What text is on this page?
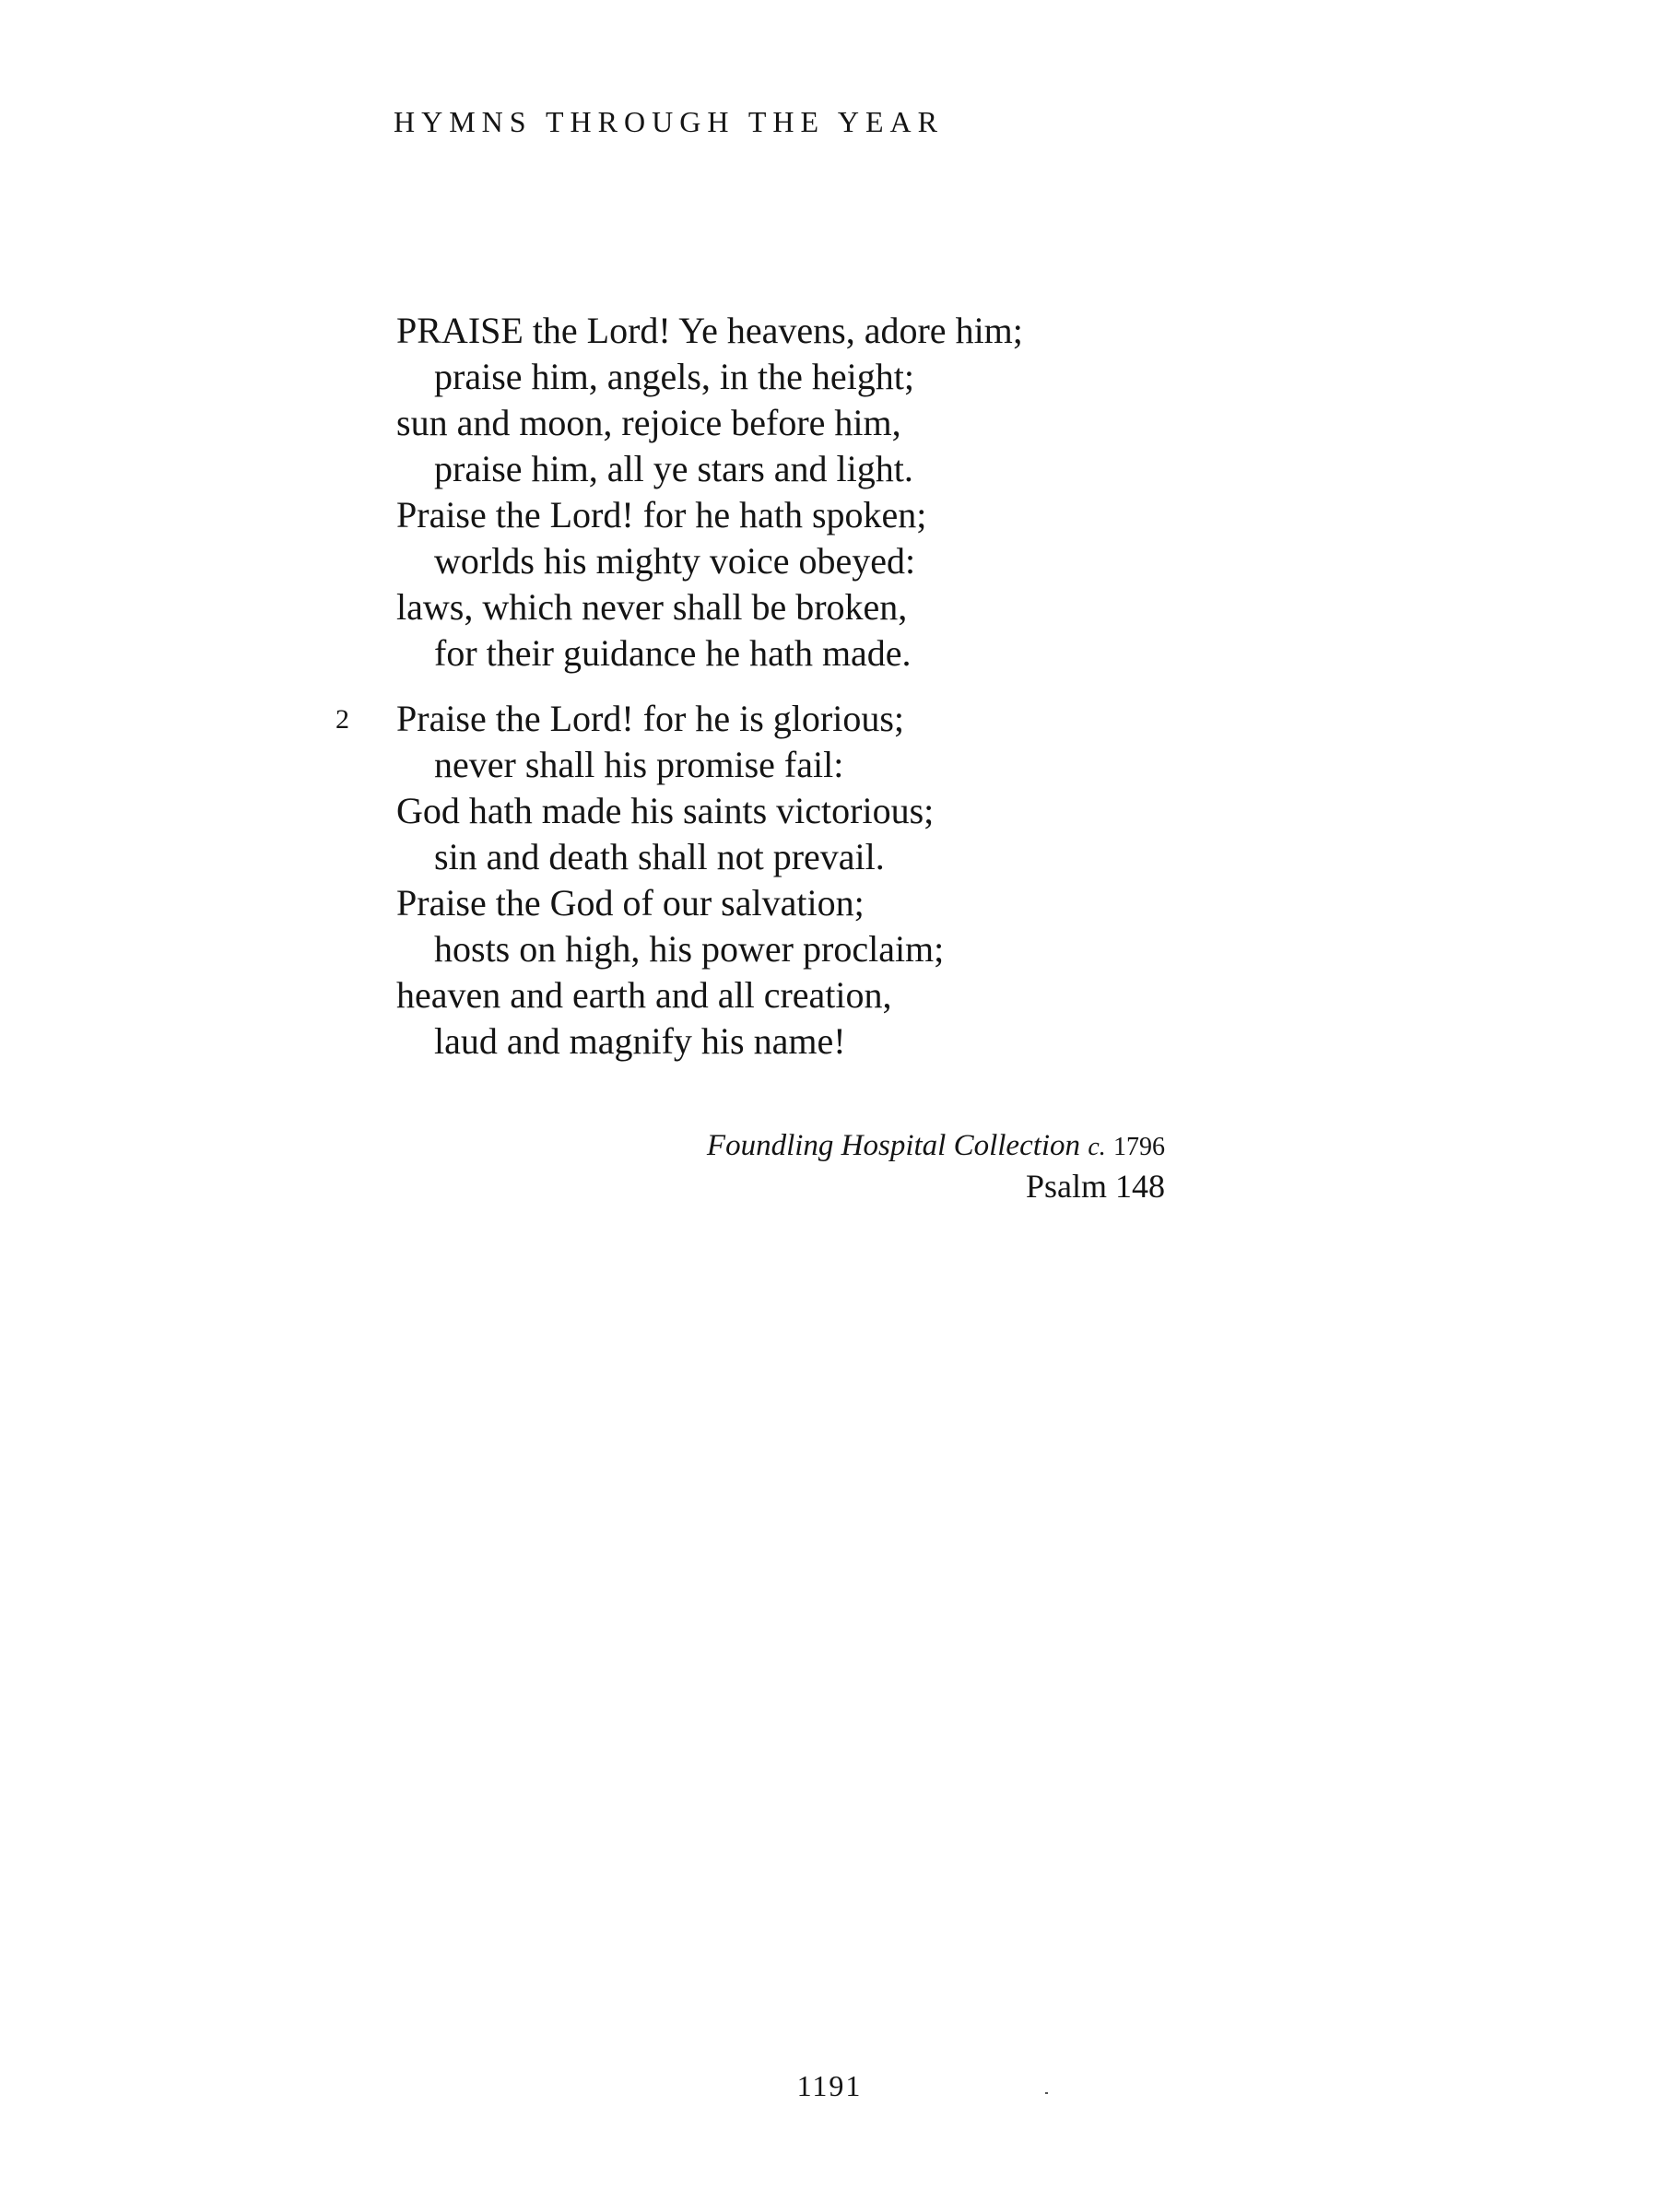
HYMNS THROUGH THE YEAR
PRAISE the Lord! Ye heavens, adore him;
praise him, angels, in the height;
sun and moon, rejoice before him,
praise him, all ye stars and light.
Praise the Lord! for he hath spoken;
worlds his mighty voice obeyed:
laws, which never shall be broken,
for their guidance he hath made.
2 Praise the Lord! for he is glorious;
never shall his promise fail:
God hath made his saints victorious;
sin and death shall not prevail.
Praise the God of our salvation;
hosts on high, his power proclaim;
heaven and earth and all creation,
laud and magnify his name!
Foundling Hospital Collection c. 1796
Psalm 148
1191
